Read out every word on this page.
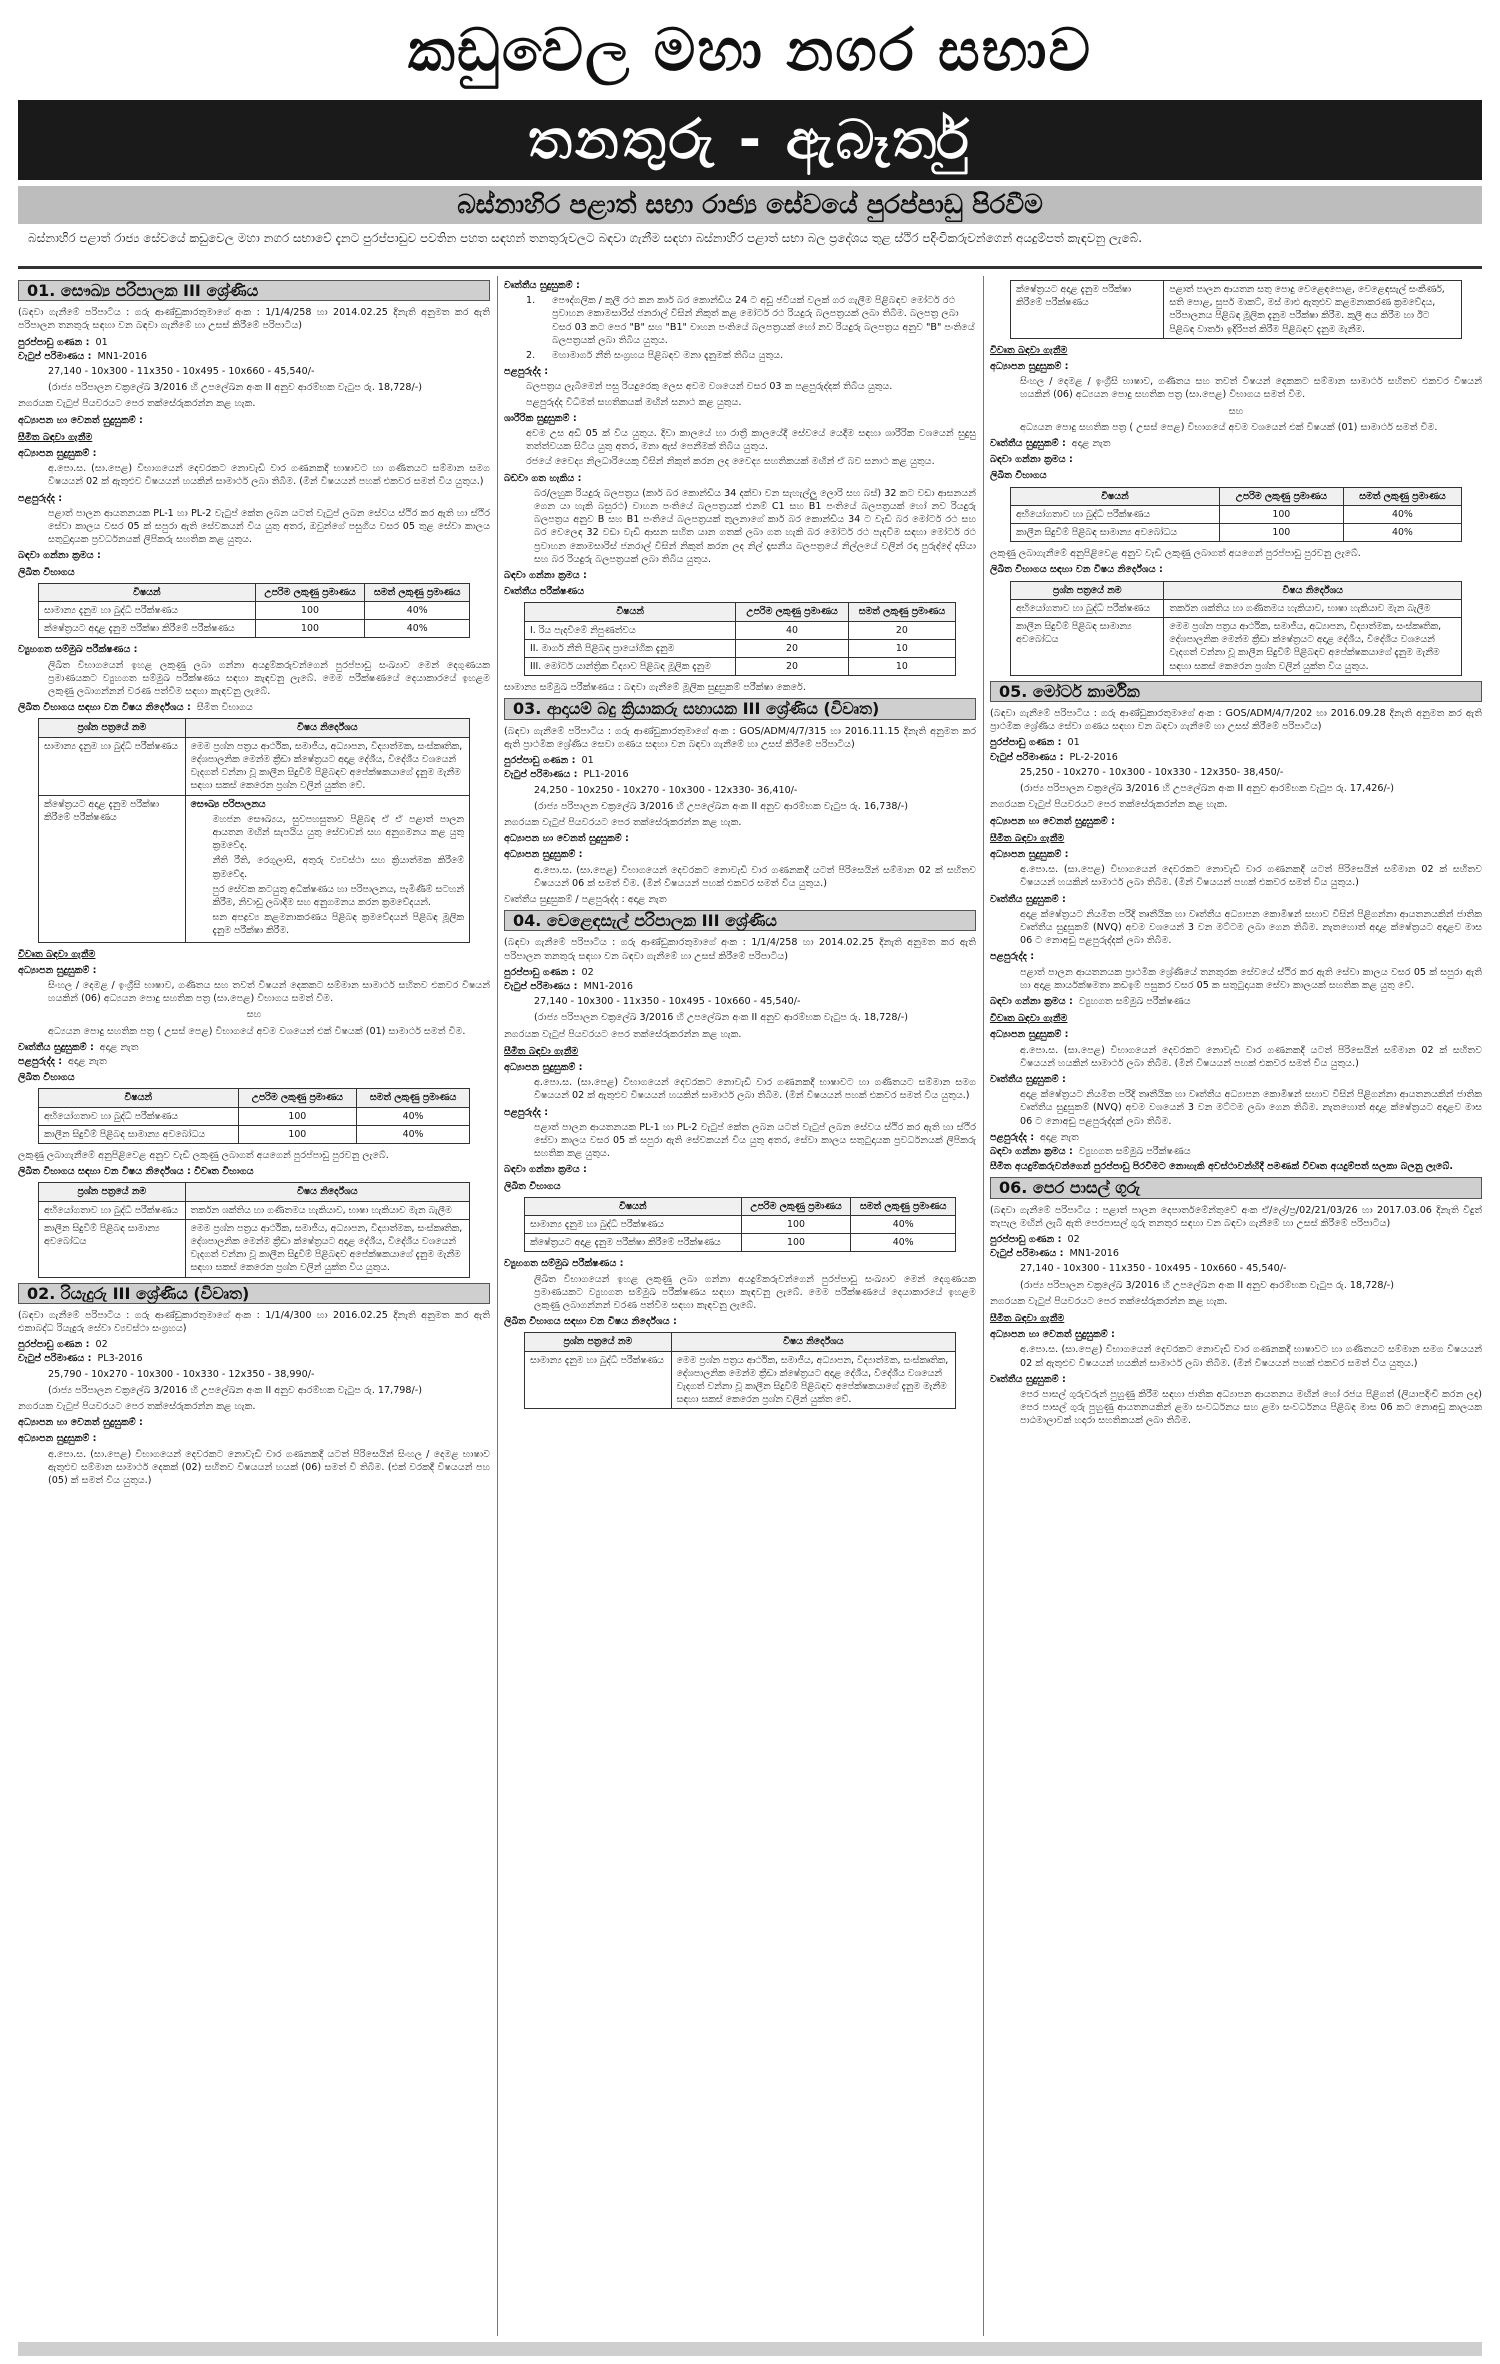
කඩුවෙල මහා නගර සභාව
තනතුරු - ඇබෑර්තු
බස්නාහිර පළාත් සභා රාජ්‍ය සේවයේ පුරප්පාඩු පිරවීම
බස්නාහිර පළාත් රාජ්‍ය සේවයේ කඩුවෙල මහා නගර සභාවේ දැනට පුරප්පාඩුව පවතින පහත සඳහන් තනතුරුවලට බඳවා ගැනීම සඳහා බස්නාහිර පළාත් සභා බල ප්‍රදේශය තුළ ස්ථිර පදිංචිකරුවන්ගෙන් අයදුම්පත් කැඳවනු ලැබේ.
01. සෞඛ්‍ය පරිපාලක III ශ්‍රේණිය
(බඳවා ගැනීමේ පරිපාටිය : ගරු ආණ්ඩුකාරතුමාගේ අංක : 1/1/4/258 හා 2014.02.25 දිනැති අනුමත කර ඇති පරිපාලන තනතුරු සඳහා වන බඳවා ගැනීමේ හා උසස් කිරීමේ පරිපාටිය)
පුරප්පාඩු ගණන : 01
වැටුප් පරිමාණය : MN1-2016
27,140 - 10x300 - 11x350 - 10x495 - 10x660 - 45,540/-
(රාජ්‍ය පරිපාලන චක්‍රලේඛ 3/2016 හි උපලේඛන අංක II අනුව ආරම්භක වැටුප රු. 18,728/-)
නගරයක වැටුප් පියවරයට පෙර තක්සේරුකරන්න කළ හැක.
අධ්‍යාපන හා වෙනත් සුදුසුකම් :
සීමිත බඳවා ගැනීම
අධ්‍යාපන සුදුසුකම් :
අ.පො.ස. (සා.පෙළ) විභාගයෙන් දෙවරකට නොවැඩි වාර ගණනකදී භාෂාවට හා ගණිතයට සම්මාන සමග විෂයයන් 02 ක් ඇතුළුව විෂයයන් හයකින් සාමාර්ථ ලබා තිබීම. (මින් විෂයයන් පහක් එකවර සමත් විය යුතුය.)
පළපුරුද්ද :
පළාත් පාලන ආයතනයක PL-1 හා PL-2 වැටුප් කේත ලබන යටත් වැටුප් ලබන සේවය ස්ථිර කර ඇති හා ස්ථිර සේවා කාලය වසර 05 ක් සපුරා ඇති සේවකයන් විය යුතු අතර, ඔවුන්ගේ පසුගිය වසර 05 තුළ සේවා කාලය සතුටුදායක ප්‍රවර්ධනයක් ලිපිකරු සහතික කළ යුතුය.
බඳවා ගන්නා ක්‍රමය :
ලිඛිත විභාගය
විෂයන්	උපරිම ලකුණු ප්‍රමාණය	සමත් ලකුණු ප්‍රමාණය
සාමාන්‍ය දැනුම හා බුද්ධි පරීක්ෂණය	100	40%
ක්ෂේත්‍රයට අදාළ දැනුම පරීක්ෂා කිරීමේ පරීක්ෂණය	100	40%
ව්‍යුහගත සම්මුඛ පරීක්ෂණය :
ලිඛිත විභාගයෙන් ඉහළ ලකුණු ලබා ගන්නා අයදුම්කරුවන්ගෙන් පුරප්පාඩු සංඛ්‍යාව මෙන් දෙගුණයක ප්‍රමාණයකට ව්‍යුහගත සම්මුඛ පරීක්ෂණය සඳහා කැඳවනු ලැබේ. මෙම පරීක්ෂණයේ දෙයාකාරයේ ඉහළම ලකුණු ලබාගන්නන් වරණ පත්වීම සඳහා කැඳවනු ලැබේ.
ලිඛිත විභාගය සඳහා වන විෂය නිර්දේශය : සීමිත විභාගය
ප්‍රශ්න පත්‍රයේ නම	විෂය නිර්දේශය
සාමාන්‍ය දැනුම හා බුද්ධි පරීක්ෂණය	මෙම ප්‍රශ්න පත්‍රය ආර්ථික, සමාජීය, අධ්‍යාපන, විද්‍යාත්මක, සංස්කෘතික, දේශපාලනික මෙන්ම ක්‍රීඩා ක්ෂේත්‍රයට අදාළ දේශීය, විදේශීය වශයෙන් වැදගත් වන්නා වූ කාලීන සිදුවීම් පිළිබඳව අපේක්ෂකයාගේ දැනුම මැනීම සඳහා සකස් කෙරෙන ප්‍රශ්න වලින් යුක්ත වේ.
ක්ෂේත්‍රයට අදාළ දැනුම පරීක්ෂා කිරීමේ පරීක්ෂණය	සෞඛ්‍ය පරිපාලනය
මහජන සෞඛ්‍යය, සුවපහසුතාව පිළිබඳ ඒ ඒ පළාත් පාලන ආයතන මඟින් සැපයිය යුතු සේවාවන් සහ අනුගමනය කළ යුතු ක්‍රමවේද.
නීති රීති, රෙගුලාසි, අතුරු ව්‍යවස්ථා සහ ක්‍රියාත්මක කිරීමේ ක්‍රමවේද.
පුර සේවක කටයුතු අධීක්ෂණය හා පරිපාලනය, පැමිණීම් සටහන් කිරීම, නිවාඩු ලබාදීම සහ අනුගමනය කරන ක්‍රමවේදයන්.
ඝන අපද්‍රව්‍ය කළමනාකරණය පිළිබඳ ක්‍රමවේදයන් පිළිබඳ මූලික දැනුම පරීක්ෂා කිරීම.
විවෘත බඳවා ගැනීම
අධ්‍යාපන සුදුසුකම් :
සිංහල / දෙමළ / ඉංග්‍රීසි භාෂාව, ගණිතය සහ තවත් විෂයන් දෙකකට සම්මාන සාමාර්ථ සහිතව එකවර විෂයන් හයකින් (06) අධ්‍යයන පොදු සහතික පත්‍ර (සා.පෙළ) විභාගය සමත් වීම.
සහ
අධ්‍යයන පොදු සහතික පත්‍ර ( උසස් පෙළ) විභාගයේ අවම වශයෙන් එක් විෂයක් (01) සාමාර්ථ සමත් වීම.
වෘත්තීය සුදුසුකම් : අදාළ නැත
පළපුරුද්ද : අදාළ නැත
ලිඛිත විභාගය
විෂයන්	උපරිම ලකුණු ප්‍රමාණය	සමත් ලකුණු ප්‍රමාණය
අභියෝගතාව හා බුද්ධි පරීක්ෂණය	100	40%
කාලීන සිදුවීම් පිළිබඳ සාමාන්‍ය අවබෝධය	100	40%
ලකුණු ලබාගැනීමේ අනුපිළිවෙළ අනුව වැඩි ලකුණු ලබාගත් අයගෙන් පුරප්පාඩු පුරවනු ලැබේ.
ලිඛිත විභාගය සඳහා වන විෂය නිර්දේශය : විවෘත විභාගය
ප්‍රශ්න පත්‍රයේ නම	විෂය නිර්දේශය
අභියෝගතාව හා බුද්ධි පරීක්ෂණය	තර්කන ශක්තිය හා ගණිතමය හැකියාව, භාෂා හැකියාව මැන බැලීම
කාලීන සිදුවීම් පිළිබඳ සාමාන්‍ය අවබෝධය	මෙම ප්‍රශ්න පත්‍රය ආර්ථික, සමාජීය, අධ්‍යාපන, විද්‍යාත්මක, සංස්කෘතික, දේශපාලනික මෙන්ම ක්‍රීඩා ක්ෂේත්‍රයට අදාළ දේශීය, විදේශීය වශයෙන් වැදගත් වන්නා වූ කාලීන සිදුවීම් පිළිබඳව අපේක්ෂකයාගේ දැනුම මැනීම සඳහා සකස් කෙරෙන ප්‍රශ්න වලින් යුක්ත විය යුතුය.
02. රියැදුරු III ශ්‍රේණිය (විවෘත)
(බඳවා ගැනීමේ පරිපාටිය : ගරු ආණ්ඩුකාරතුමාගේ අංක : 1/1/4/300 හා 2016.02.25 දිනැති අනුමත කර ඇති එකාබද්ධ රියැදුරු සේවා ව්‍යවස්ථා සංග්‍රහය)
පුරප්පාඩු ගණන : 02
වැටුප් පරිමාණය : PL3-2016
25,790 - 10x270 - 10x300 - 10x330 - 12x350 - 38,990/-
(රාජ්‍ය පරිපාලන චක්‍රලේඛ 3/2016 හි උපලේඛන අංක II අනුව ආරම්භක වැටුප රු. 17,798/-)
නගරයක වැටුප් පියවරයට පෙර තක්සේරුකරන්න කළ හැක.
අධ්‍යාපන හා වෙනත් සුදුසුකම් :
අධ්‍යාපන සුදුසුකම් :
අ.පො.ස. (සා.පෙළ) විභාගයෙන් දෙවරකට නොවැඩි වාර ගණනකදී යටත් පිරිසෙයින් සිංහල / දෙමළ භාෂාව ඇතුළුව සම්මාන සාමාර්ථ දෙකක් (02) සහිතව විෂයයන් හයක් (06) සමත් වී තිබීම. (එක් වරකදී විෂයයන් පහ (05) ක් සමත් විය යුතුය.)
වෘත්තීය සුදුසුකම් :
1.	පෞද්ගලික / කුලී රථ කන කාර් බර කොන්ඩිය 24 ට අඩු ඡවීයක් වලක් ගර ගැලීම පිළිබඳව මෝටර් රථ ප්‍රවාහන කොමසාරිස් ජනරාල් විසින් නිකුත් කළ මෝටර් රථ රියදුරු බලපත්‍රයක් ලබා තිබීම. බලපත්‍ර ලබා වසර 03 කට පෙර "B" සහ "B1" වාහන පංතියේ බලපත්‍රයක් හෝ නව රියදුරු බලපත්‍රය අනුව "B" පංතියේ බලපත්‍රයක් ලබා තිබිය යුතුය.
2.	මහාමාර්ග නීති සංග්‍රහය පිළිබඳව මනා දැනුමක් තිබිය යුතුය.
පළපුරුද්ද :
බලපත්‍රය ලැබීමෙන් පසු රියදුරෙකු ලෙස අවම වශයෙන් වසර 03 ක පළපුරුද්දක් තිබිය යුතුය.
පළපුරුද්ද විධිමත් සහතිකයක් මඟින් සනාථ කළ යුතුය.
ශාරීරික සුදුසුකම් :
අවම උස අඩි 05 ක් විය යුතුය. දිවා කාලයේ හා රාත්‍රී කාලයේදී සේවයේ යෙදීම සඳහා ශාරීරික වශයෙන් සුදුසු තත්ත්වයක සිටිය යුතු අතර, මනා ඇස් පෙනීමක් තිබිය යුතුය.
රජයේ වෛද්‍ය නිලධාරියෙකු විසින් නිකුත් කරන ලද වෛද්‍ය සහතිකයක් මඟින් ඒ බව සනාථ කළ යුතුය.
බඩවා ගත හැකිය :
බර/ලහුක රියදුරු බලපත්‍රය (කාර් බර කොන්ඩිය 34 දක්වා වන සැහැල්ලු ලොරි සහ බස්) 32 කට වඩා ආසනයන් ගෙන යා හැකි බසුරථ) වාහන පංතියේ බලපත්‍රයක් එනම් C1 සහ B1 පංතියේ බලපත්‍රයක් හෝ නව රියදුරු බලපත්‍රය අනුව B සහ B1 පංතියේ බලපත්‍රයක් තුලනාගේ කාර් බර කොන්ඩිය 34 ට වැඩි බර මෝටර් රථ සහ බර වෙලෙඳ 32 වඩා වැඩි ආසන සහිත යාන ගතක් ලබා ගත හැකි බර මෝටර් රථ පැදවීම සඳහා මෝටර් රථ ප්‍රවාහන කොමසාරිස් ජනරාල් විසින් නිකුත් කරන ලද නිල් දෑසනීය බලපත්‍රයේ නිල්ලයේ වලින් රඳා පුරුද්දේ දාසියා සහ බර රියදුරු බලපත්‍රයක් ලබා තිබිය යුතුය.
බඳවා ගන්නා ක්‍රමය :
වෘත්තීය පරීක්ෂණය
විෂයන්	උපරිම ලකුණු ප්‍රමාණය	සමත් ලකුණු ප්‍රමාණය
I. රිය පැදවීමේ නිපුණත්වය	40	20
II. මාර්ග නීති පිළිබඳ ප්‍රායෝගික දැනුම	20	10
III. මෝටර් යාන්ත්‍රික විද්‍යාව පිළිබඳ මූලික දැනුම	20	10
සාමාන්‍ය සම්මුඛ පරීක්ෂණය : බඳවා ගැනීමේ මූලික සුදුසුකම් පරීක්ෂා කෙරේ.
03. ආදායම් බදු ක්‍රියාකරු සහායක III ශ්‍රේණිය (විවෘත)
(බඳවා ගැනීමේ පරිපාටිය : ගරු ආණ්ඩුකාරතුමාගේ අංක : GOS/ADM/4/7/315 හා 2016.11.15 දිනැති අනුමත කර ඇති ප්‍රාථමික ශ්‍රේණිය සෙවා ගණය සඳහා වන බඳවා ගැනීමේ හා උසස් කිරීමේ පරිපාටිය)
පුරප්පාඩු ගණන : 01
වැටුප් පරිමාණය : PL1-2016
24,250 - 10x250 - 10x270 - 10x300 - 12x330- 36,410/-
(රාජ්‍ය පරිපාලන චක්‍රලේඛ 3/2016 හි උපලේඛන අංක II අනුව ආරම්භක වැටුප රු. 16,738/-)
නගරයක වැටුප් පියවරයට පෙර තක්සේරුකරන්න කළ හැක.
අධ්‍යාපන හා වෙනත් සුදුසුකම් :
අධ්‍යාපන සුදුසුකම් :
අ.පො.ස. (සා.පෙළ) විභාගයෙන් දෙවරකට නොවැඩි වාර ගණනකදී යටත් පිරිසෙයින් සම්මාන 02 ක් සහිතව විෂයයන් 06 ක් සමත් වීම. (මින් විෂයයන් පහක් එකවර සමත් විය යුතුය.)
වෘත්තීය සුදුසුකම් / පළපුරුද්ද : අදාළ නැත
04. වෙළෙඳසැල් පරිපාලක III ශ්‍රේණිය
(බඳවා ගැනීමේ පරිපාටිය : ගරු ආණ්ඩුකාරතුමාගේ අංක : 1/1/4/258 හා 2014.02.25 දිනැති අනුමත කර ඇති පරිපාලන තනතුරු සඳහා වන බඳවා ගැනීමේ හා උසස් කිරීමේ පරිපාටිය)
පුරප්පාඩු ගණන : 02
වැටුප් පරිමාණය : MN1-2016
27,140 - 10x300 - 11x350 - 10x495 - 10x660 - 45,540/-
(රාජ්‍ය පරිපාලන චක්‍රලේඛ 3/2016 හි උපලේඛන අංක II අනුව ආරම්භක වැටුප රු. 18,728/-)
නගරයක වැටුප් පියවරයට පෙර තක්සේරුකරන්න කළ හැක.
සීමිත බඳවා ගැනීම
අධ්‍යාපන සුදුසුකම් :
අ.පො.ස. (සා.පෙළ) විභාගයෙන් දෙවරකට නොවැඩි වාර ගණනකදී භාෂාවට හා ගණිතයට සම්මාන සමග විෂයයන් 02 ක් ඇතුළුව විෂයයන් හයකින් සාමාර්ථ ලබා තිබීම. (මින් විෂයයන් පහක් එකවර සමත් විය යුතුය.)
පළපුරුද්ද :
පළාත් පාලන ආයතනයක PL-1 හා PL-2 වැටුප් කේත ලබන යටත් වැටුප් ලබන සේවය ස්ථිර කර ඇති හා ස්ථිර සේවා කාලය වසර 05 ක් සපුරා ඇති සේවකයන් විය යුතු අතර, සේවා කාලය සතුටුදායක ප්‍රවර්ධනයක් ලිපිකරු සහතික කළ යුතුය.
බඳවා ගන්නා ක්‍රමය :
ලිඛිත විභාගය
විෂයන්	උපරිම ලකුණු ප්‍රමාණය	සමත් ලකුණු ප්‍රමාණය
සාමාන්‍ය දැනුම හා බුද්ධි පරීක්ෂණය	100	40%
ක්ෂේත්‍රයට අදාළ දැනුම පරීක්ෂා කිරීමේ පරීක්ෂණය	100	40%
ව්‍යුහගත සම්මුඛ පරීක්ෂණය :
ලිඛිත විභාගයෙන් ඉහළ ලකුණු ලබා ගන්නා අයදුම්කරුවන්ගෙන් පුරප්පාඩු සංඛ්‍යාව මෙන් දෙගුණයක ප්‍රමාණයකට ව්‍යුහගත සම්මුඛ පරීක්ෂණය සඳහා කැඳවනු ලැබේ. මෙම පරීක්ෂණයේ දෙයාකාරයේ ඉහළම ලකුණු ලබාගන්නන් වරණ පත්වීම සඳහා කැඳවනු ලැබේ.
ලිඛිත විභාගය සඳහා වන විෂය නිර්දේශය :
ප්‍රශ්න පත්‍රයේ නම	විෂය නිර්දේශය
සාමාන්‍ය දැනුම හා බුද්ධි පරීක්ෂණය	මෙම ප්‍රශ්න පත්‍රය ආර්ථික, සමාජීය, අධ්‍යාපන, විද්‍යාත්මක, සංස්කෘතික, දේශපාලනික මෙන්ම ක්‍රීඩා ක්ෂේත්‍රයට අදාළ දේශීය, විදේශීය වශයෙන් වැදගත් වන්නා වූ කාලීන සිදුවීම් පිළිබඳව අපේක්ෂකයාගේ දැනුම මැනීම සඳහා සකස් කෙරෙන ප්‍රශ්න වලින් යුක්ත වේ.
ක්ෂේත්‍රයට අදාළ දැනුම පරීක්ෂා කිරීමේ පරීක්ෂණය	පළාත් පාලන ආයතන සතු පොදු වෙළෙඳපොළ, වෙළෙඳසැල් සංකීර්ණ, සති පොළ, සුපර් මාකට්, මස් මාළු ඇතුළුව කළමනාකරණ ක්‍රමවේදය, පරිපාලනය පිළිබඳ මූලික දැනුම පරීක්ෂා කිරීම. කුලී අය කිරීම හා ඊට පිළිබඳ වාර්තා ඉදිරිපත් කිරීම පිළිබඳව දැනුම මැනීම.
විවෘත බඳවා ගැනීම
අධ්‍යාපන සුදුසුකම් :
සිංහල / දෙමළ / ඉංග්‍රීසි භාෂාව, ගණිතය සහ තවත් විෂයන් දෙකකට සම්මාන සාමාර්ථ සහිතව එකවර විෂයන් හයකින් (06) අධ්‍යයන පොදු සහතික පත්‍ර (සා.පෙළ) විභාගය සමත් වීම.
සහ
අධ්‍යයන පොදු සහතික පත්‍ර ( උසස් පෙළ) විභාගයේ අවම වශයෙන් එක් විෂයක් (01) සාමාර්ථ සමත් වීම.
වෘත්තීය සුදුසුකම් : අදාළ නැත
බඳවා ගන්නා ක්‍රමය :
ලිඛිත විභාගය
විෂයන්	උපරිම ලකුණු ප්‍රමාණය	සමත් ලකුණු ප්‍රමාණය
අභියෝගතාව හා බුද්ධි පරීක්ෂණය	100	40%
කාලීන සිදුවීම් පිළිබඳ සාමාන්‍ය අවබෝධය	100	40%
ලකුණු ලබාගැනීමේ අනුපිළිවෙළ අනුව වැඩි ලකුණු ලබාගත් අයගෙන් පුරප්පාඩු පුරවනු ලැබේ.
ලිඛිත විභාගය සඳහා වන විෂය නිර්දේශය :
ප්‍රශ්න පත්‍රයේ නම	විෂය නිර්දේශය
අභියෝගතාව හා බුද්ධි පරීක්ෂණය	තර්කන ශක්තිය හා ගණිතමය හැකියාව, භාෂා හැකියාව මැන බැලීම
කාලීන සිදුවීම් පිළිබඳ සාමාන්‍ය අවබෝධය	මෙම ප්‍රශ්න පත්‍රය ආර්ථික, සමාජීය, අධ්‍යාපන, විද්‍යාත්මක, සංස්කෘතික, දේශපාලනික මෙන්ම ක්‍රීඩා ක්ෂේත්‍රයට අදාළ දේශීය, විදේශීය වශයෙන් වැදගත් වන්නා වූ කාලීන සිදුවීම් පිළිබඳව අපේක්ෂකයාගේ දැනුම මැනීම සඳහා සකස් කෙරෙන ප්‍රශ්න වලින් යුක්ත විය යුතුය.
05. මෝටර් කාර්මික
(බඳවා ගැනීමේ පරිපාටිය : ගරු ආණ්ඩුකාරතුමාගේ අංක : GOS/ADM/4/7/202 හා 2016.09.28 දිනැති අනුමත කර ඇති ප්‍රාථමික ශ්‍රේණිය සේවා ගණය සඳහා වන බඳවා ගැනීමේ හා උසස් කිරීමේ පරිපාටිය)
පුරප්පාඩු ගණන : 01
වැටුප් පරිමාණය : PL-2-2016
25,250 - 10x270 - 10x300 - 10x330 - 12x350- 38,450/-
(රාජ්‍ය පරිපාලන චක්‍රලේඛ 3/2016 හි උපලේඛන අංක II අනුව ආරම්භක වැටුප රු. 17,426/-)
නගරයක වැටුප් පියවරයට පෙර තක්සේරුකරන්න කළ හැක.
අධ්‍යාපන හා වෙනත් සුදුසුකම් :
සීමිත බඳවා ගැනීම
අධ්‍යාපන සුදුසුකම් :
අ.පො.ස. (සා.පෙළ) විභාගයෙන් දෙවරකට නොවැඩි වාර ගණනකදී යටත් පිරිසෙයින් සම්මාන 02 ක් සහිතව විෂයයන් හයකින් සාමාර්ථ ලබා තිබීම. (මින් විෂයයන් පහක් එකවර සමත් විය යුතුය.)
වෘත්තීය සුදුසුකම් :
අදාළ ක්ෂේත්‍රයට නියමිත පරිදි තෘතීයික හා වෘත්තීය අධ්‍යාපන කොමිෂන් සභාව විසින් පිළිගන්නා ආයතනයකින් ජාතික වෘත්තීය සුදුසුකම් (NVQ) අවම වශයෙන් 3 වන මට්ටම ලබා ගෙන තිබීම. නැතහොත් අදාළ ක්ෂේත්‍රයට අදාළව මාස 06 ට නොඅඩු පළපුරුද්දක් ලබා තිබීම.
පළපුරුද්ද :
පළාත් පාලන ආයතනයක ප්‍රාථමික ශ්‍රේණියේ තනතුරක සේවයේ ස්ථිර කර ඇති සේවා කාලය වසර 05 ක් සපුරා ඇති හා අදාළ කාර්යක්ෂමතා කඩඉම් පසුකර වසර 05 ක සතුටුදායක සේවා කාලයක් සහතික කළ යුතු වේ.
බඳවා ගන්නා ක්‍රමය : ව්‍යුහගත සම්මුඛ පරීක්ෂණය
විවෘත බඳවා ගැනීම
අධ්‍යාපන සුදුසුකම් :
අ.පො.ස. (සා.පෙළ) විභාගයෙන් දෙවරකට නොවැඩි වාර ගණනකදී යටත් පිරිසෙයින් සම්මාන 02 ක් සහිතව විෂයයන් හයකින් සාමාර්ථ ලබා තිබීම. (මින් විෂයයන් පහක් එකවර සමත් විය යුතුය.)
වෘත්තීය සුදුසුකම් :
අදාළ ක්ෂේත්‍රයට නියමිත පරිදි තෘතීයික හා වෘත්තීය අධ්‍යාපන කොමිෂන් සභාව විසින් පිළිගන්නා ආයතනයකින් ජාතික වෘත්තීය සුදුසුකම් (NVQ) අවම වශයෙන් 3 වන මට්ටම ලබා ගෙන තිබීම. නැතහොත් අදාළ ක්ෂේත්‍රයට අදාළව මාස 06 ට නොඅඩු පළපුරුද්දක් ලබා තිබීම.
පළපුරුද්ද : අදාළ නැත
බඳවා ගන්නා ක්‍රමය : ව්‍යුහගත සම්මුඛ පරීක්ෂණය
සීමිත අයදුම්කරුවන්ගෙන් පුරප්පාඩු පිරවීමට නොහැකි අවස්ථාවන්හිදී පමණක් විවෘත අයදුම්පත් සලකා බලනු ලැබේ.
06. පෙර පාසල් ගුරු
(බඳවා ගැනීමේ පරිපාටිය : පළාත් පාලන දෙපාර්තමේන්තුවේ අංක ඒ/ලේ/ප්‍ර/02/21/03/26 හා 2017.03.06 දිනැති විදුත් තැපැල මඟින් ලැබී ඇති පෙරපාසල් ගුරු තනතුර සඳහා වන බඳවා ගැනීමේ හා උසස් කිරීමේ පරිපාටිය)
පුරප්පාඩු ගණන : 02
වැටුප් පරිමාණය : MN1-2016
27,140 - 10x300 - 11x350 - 10x495 - 10x660 - 45,540/-
(රාජ්‍ය පරිපාලන චක්‍රලේඛ 3/2016 හි උපලේඛන අංක II අනුව ආරම්භක වැටුප රු. 18,728/-)
නගරයක වැටුප් පියවරයට පෙර තක්සේරුකරන්න කළ හැක.
සීමිත බඳවා ගැනීම
අධ්‍යාපන හා වෙනත් සුදුසුකම් :
අ.පො.ස. (සා.පෙළ) විභාගයෙන් දෙවරකට නොවැඩි වාර ගණනකදී භාෂාවට හා ගණිතයට සම්මාන සමග විෂයයන් 02 ක් ඇතුළුව විෂයයන් හයකින් සාමාර්ථ ලබා තිබීම. (මින් විෂයයන් පහක් එකවර සමත් විය යුතුය.)
වෘත්තීය සුදුසුකම් :
පෙර පාසල් ගුරුවරුන් පුහුණු කිරීම සඳහා ජාතික අධ්‍යාපන ආයතනය මඟින් හෝ රජය පිළිගත් (ලියාපදිංචි කරන ලද) පෙර පාසල් ගුරු පුහුණු ආයතනයකින් ළමා සංවර්ධනය සහ ළමා සංවර්ධනය පිළිබඳ මාස 06 කට නොඅඩු කාලයක පාඨමාලාවක් හදාරා සහතිකයක් ලබා තිබීම.
